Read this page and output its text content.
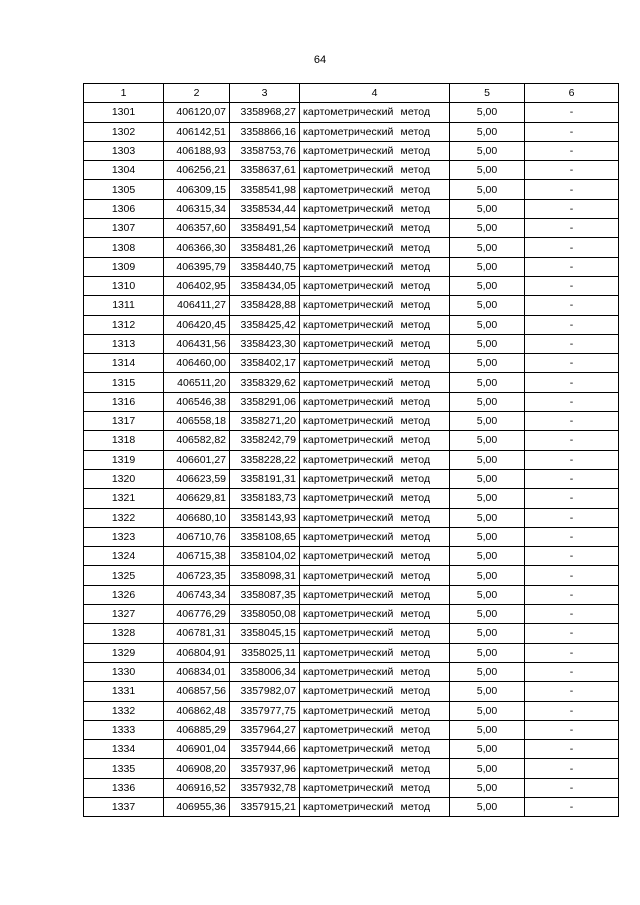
64
1	2	3	4	5	6
1301	406120,07	3358968,27	картометрический метод	5,00	-
1302	406142,51	3358866,16	картометрический метод	5,00	-
1303	406188,93	3358753,76	картометрический метод	5,00	-
1304	406256,21	3358637,61	картометрический метод	5,00	-
1305	406309,15	3358541,98	картометрический метод	5,00	-
1306	406315,34	3358534,44	картометрический метод	5,00	-
1307	406357,60	3358491,54	картометрический метод	5,00	-
1308	406366,30	3358481,26	картометрический метод	5,00	-
1309	406395,79	3358440,75	картометрический метод	5,00	-
1310	406402,95	3358434,05	картометрический метод	5,00	-
1311	406411,27	3358428,88	картометрический метод	5,00	-
1312	406420,45	3358425,42	картометрический метод	5,00	-
1313	406431,56	3358423,30	картометрический метод	5,00	-
1314	406460,00	3358402,17	картометрический метод	5,00	-
1315	406511,20	3358329,62	картометрический метод	5,00	-
1316	406546,38	3358291,06	картометрический метод	5,00	-
1317	406558,18	3358271,20	картометрический метод	5,00	-
1318	406582,82	3358242,79	картометрический метод	5,00	-
1319	406601,27	3358228,22	картометрический метод	5,00	-
1320	406623,59	3358191,31	картометрический метод	5,00	-
1321	406629,81	3358183,73	картометрический метод	5,00	-
1322	406680,10	3358143,93	картометрический метод	5,00	-
1323	406710,76	3358108,65	картометрический метод	5,00	-
1324	406715,38	3358104,02	картометрический метод	5,00	-
1325	406723,35	3358098,31	картометрический метод	5,00	-
1326	406743,34	3358087,35	картометрический метод	5,00	-
1327	406776,29	3358050,08	картометрический метод	5,00	-
1328	406781,31	3358045,15	картометрический метод	5,00	-
1329	406804,91	3358025,11	картометрический метод	5,00	-
1330	406834,01	3358006,34	картометрический метод	5,00	-
1331	406857,56	3357982,07	картометрический метод	5,00	-
1332	406862,48	3357977,75	картометрический метод	5,00	-
1333	406885,29	3357964,27	картометрический метод	5,00	-
1334	406901,04	3357944,66	картометрический метод	5,00	-
1335	406908,20	3357937,96	картометрический метод	5,00	-
1336	406916,52	3357932,78	картометрический метод	5,00	-
1337	406955,36	3357915,21	картометрический метод	5,00	-
